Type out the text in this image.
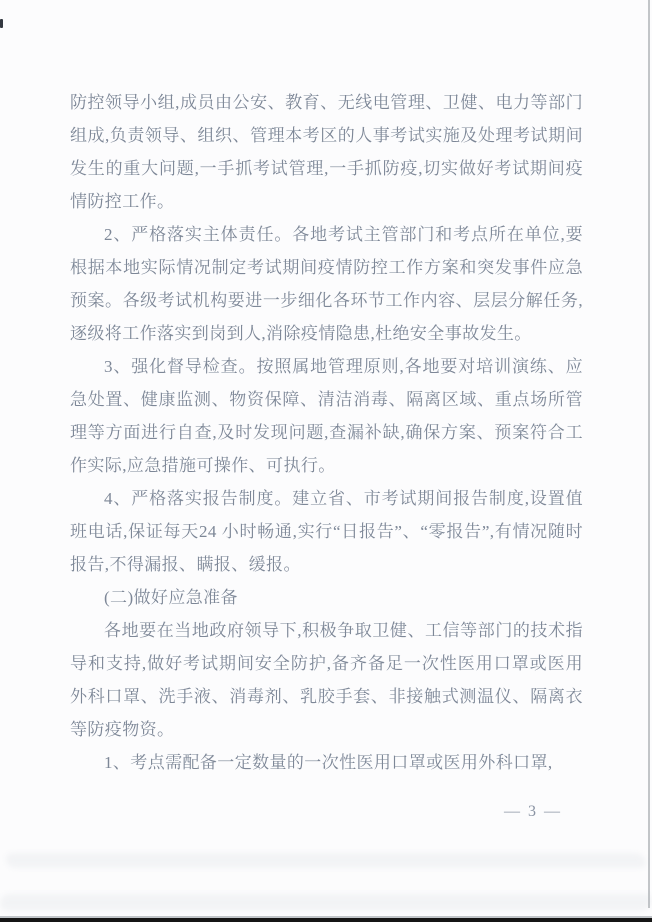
防控领导小组,成员由公安、教育、无线电管理、卫健、电力等部门组成,负责领导、组织、管理本考区的人事考试实施及处理考试期间发生的重大问题,一手抓考试管理,一手抓防疫,切实做好考试期间疫情防控工作。

2、严格落实主体责任。各地考试主管部门和考点所在单位,要根据本地实际情况制定考试期间疫情防控工作方案和突发事件应急预案。各级考试机构要进一步细化各环节工作内容、层层分解任务,逐级将工作落实到岗到人,消除疫情隐患,杜绝安全事故发生。

3、强化督导检查。按照属地管理原则,各地要对培训演练、应急处置、健康监测、物资保障、清洁消毒、隔离区域、重点场所管理等方面进行自查,及时发现问题,查漏补缺,确保方案、预案符合工作实际,应急措施可操作、可执行。

4、严格落实报告制度。建立省、市考试期间报告制度,设置值班电话,保证每天24 小时畅通,实行“日报告”、“零报告”,有情况随时报告,不得漏报、瞒报、缓报。

(二)做好应急准备

各地要在当地政府领导下,积极争取卫健、工信等部门的技术指导和支持,做好考试期间安全防护,备齐备足一次性医用口罩或医用外科口罩、洗手液、消毒剂、乳胶手套、非接触式测温仪、隔离衣等防疫物资。

1、考点需配备一定数量的一次性医用口罩或医用外科口罩,

— 3 —
